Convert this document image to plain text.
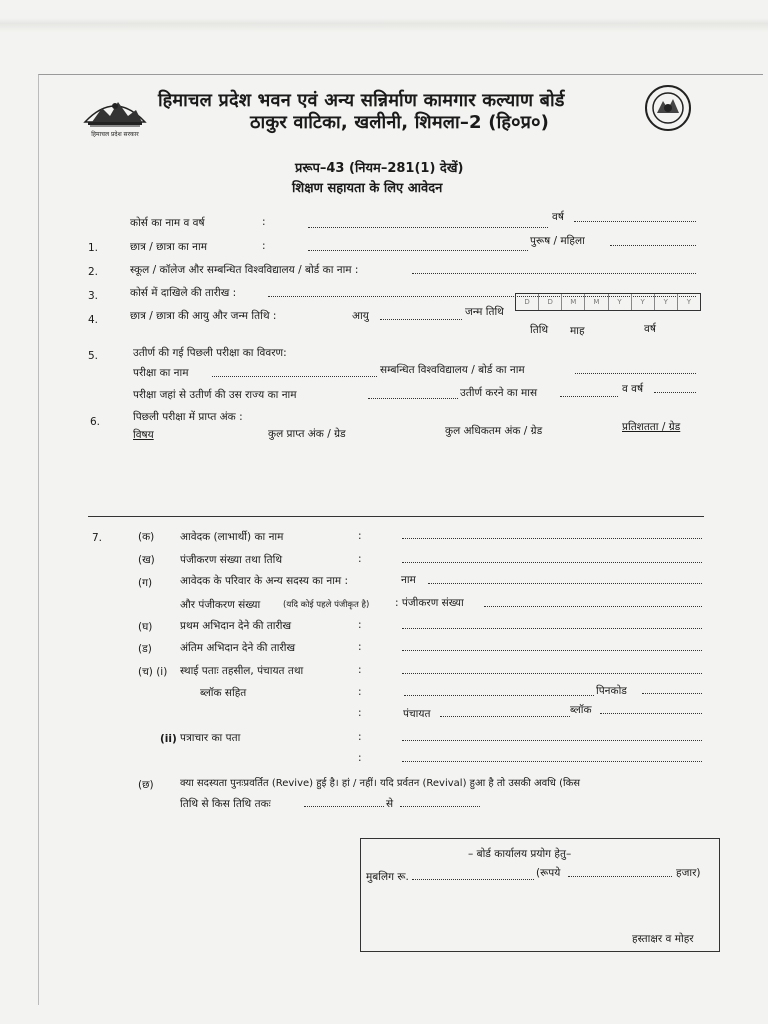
हिमाचल प्रदेश सरकार
हिमाचल प्रदेश भवन एवं अन्य सन्निर्माण कामगार कल्याण बोर्ड
ठाकुर वाटिका, खलीनी, शिमला–2 (हि०प्र०)
प्ररूप–43 (नियम–281(1) देखें)
शिक्षण सहायता के लिए आवेदन
कोर्स का नाम व वर्ष	:	वर्ष
1.	छात्र / छात्रा का नाम	:	पुरूष / महिला
2.	स्कूल / कॉलेज और सम्बन्धित विश्वविद्यालय / बोर्ड का नाम :
3.	कोर्स में दाखिले की तारीख :
4.	छात्र / छात्रा की आयु और जन्म तिथि :	आयु	जन्म तिथि
D	D	M	M	Y	Y	Y	Y
तिथि माह	वर्ष
5.	उतीर्ण की गई पिछली परीक्षा का विवरण:
परीक्षा का नाम	सम्बन्धित विश्वविद्यालय / बोर्ड का नाम
परीक्षा जहां से उतीर्ण की उस राज्य का नाम	उतीर्ण करने का मास	व वर्ष
6.	पिछली परीक्षा में प्राप्त अंक :
विषय	कुल प्राप्त अंक / ग्रेड	कुल अधिकतम अंक / ग्रेड	प्रतिशतता / ग्रेड
7.	(क) आवेदक (लाभार्थी) का नाम	:
(ख) पंजीकरण संख्या तथा तिथि	:
(ग)	आवेदक के परिवार के अन्य सदस्य का नाम :	नाम
और पंजीकरण संख्या	(यदि कोई पहले पंजीकृत है) : पंजीकरण संख्या
(घ)	प्रथम अभिदान देने की तारीख	:
(ड)	अंतिम अभिदान देने की तारीख	:
(च) (i) स्थाई पताः तहसील, पंचायत तथा	:
ब्लॉक सहित	:	पिनकोड
:	पंचायत	ब्लॉक
(ii) पत्राचार का पता	:
:
(छ)	क्या सदस्यता पुनःप्रवर्तित (Revive) हुई है। हां / नहीं। यदि प्रर्वतन (Revival) हुआ है तो उसकी अवधि (किस
तिथि से किस तिथि तकः	से
– बोर्ड कार्यालय प्रयोग हेतु–
मुबलिग रू.	(रूपये	हजार)
हस्ताक्षर व मोहर
